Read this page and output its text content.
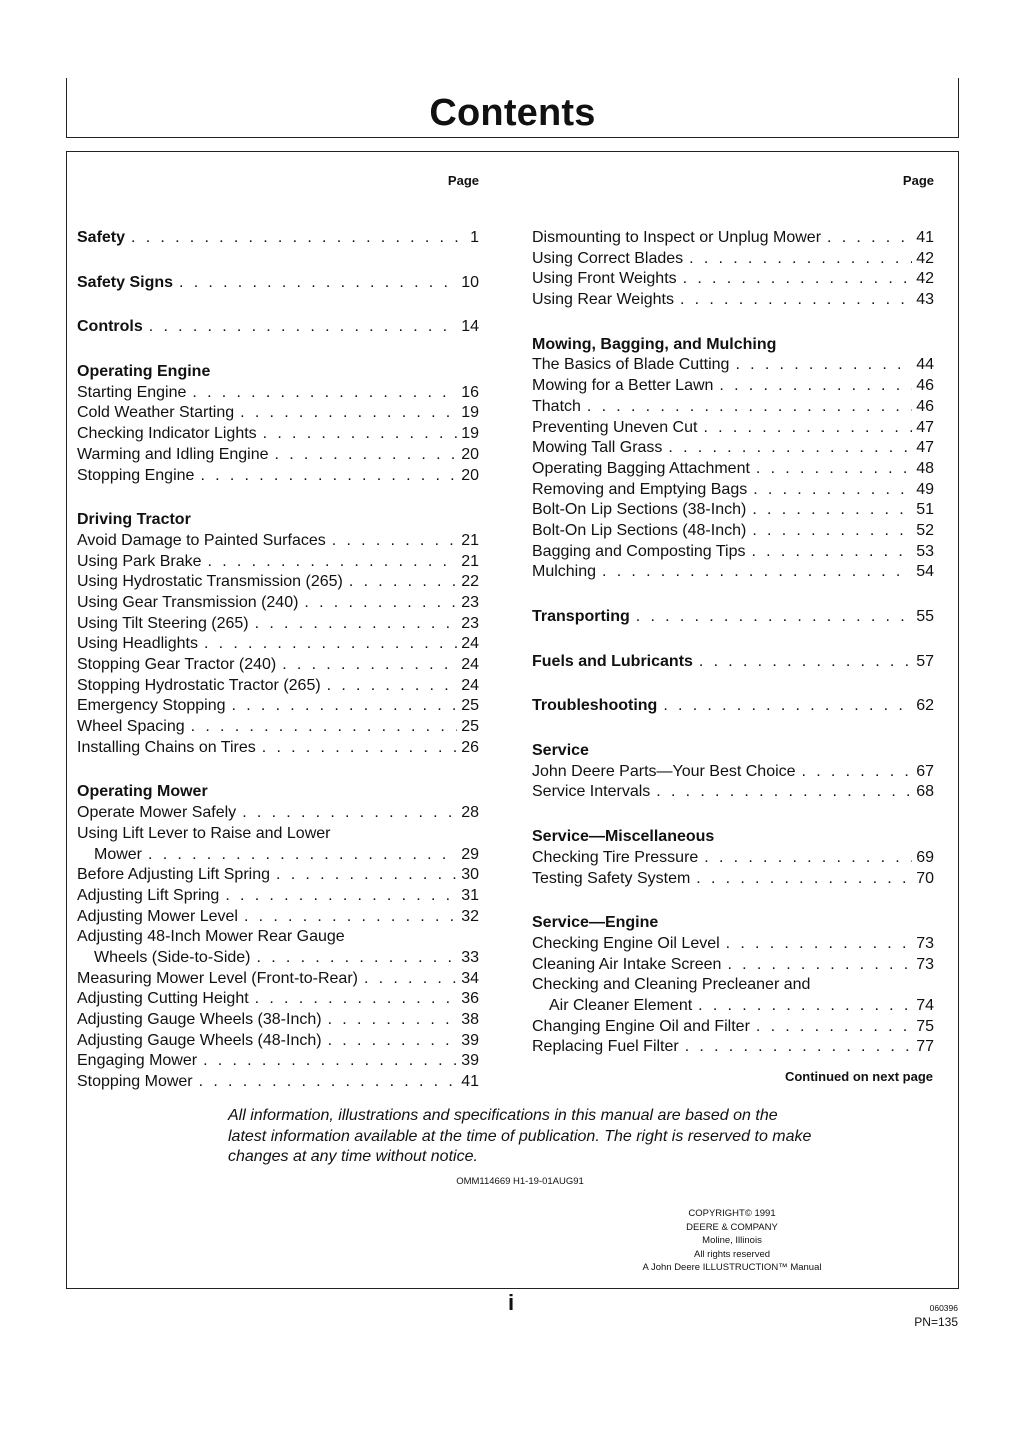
Contents
Page
Safety . . .	1
Safety Signs . . .	10
Controls . . .	14
Operating Engine
Starting Engine . . .	16
Cold Weather Starting . . .	19
Checking Indicator Lights . . .	19
Warming and Idling Engine . . .	20
Stopping Engine . . .	20
Driving Tractor
Avoid Damage to Painted Surfaces . . .	21
Using Park Brake . . .	21
Using Hydrostatic Transmission (265) . . .	22
Using Gear Transmission (240) . . .	23
Using Tilt Steering (265) . . .	23
Using Headlights . . .	24
Stopping Gear Tractor (240) . . .	24
Stopping Hydrostatic Tractor (265) . . .	24
Emergency Stopping . . .	25
Wheel Spacing . . .	25
Installing Chains on Tires . . .	26
Operating Mower
Operate Mower Safely . . .	28
Using Lift Lever to Raise and Lower
Mower . . .	29
Before Adjusting Lift Spring . . .	30
Adjusting Lift Spring . . .	31
Adjusting Mower Level . . .	32
Adjusting 48-Inch Mower Rear Gauge
Wheels (Side-to-Side) . . .	33
Measuring Mower Level (Front-to-Rear) . . .	34
Adjusting Cutting Height . . .	36
Adjusting Gauge Wheels (38-Inch) . . .	38
Adjusting Gauge Wheels (48-Inch) . . .	39
Engaging Mower . . .	39
Stopping Mower . . .	41
Page
Dismounting to Inspect or Unplug Mower . . .	41
Using Correct Blades . . .	42
Using Front Weights . . .	42
Using Rear Weights . . .	43
Mowing, Bagging, and Mulching
The Basics of Blade Cutting . . .	44
Mowing for a Better Lawn . . .	46
Thatch . . .	46
Preventing Uneven Cut . . .	47
Mowing Tall Grass . . .	47
Operating Bagging Attachment . . .	48
Removing and Emptying Bags . . .	49
Bolt-On Lip Sections (38-Inch) . . .	51
Bolt-On Lip Sections (48-Inch) . . .	52
Bagging and Composting Tips . . .	53
Mulching . . .	54
Transporting . . .	55
Fuels and Lubricants . . .	57
Troubleshooting . . .	62
Service
John Deere Parts—Your Best Choice . . .	67
Service Intervals . . .	68
Service—Miscellaneous
Checking Tire Pressure . . .	69
Testing Safety System . . .	70
Service—Engine
Checking Engine Oil Level . . .	73
Cleaning Air Intake Screen . . .	73
Checking and Cleaning Precleaner and
Air Cleaner Element . . .	74
Changing Engine Oil and Filter . . .	75
Replacing Fuel Filter . . .	77
Continued on next page
All information, illustrations and specifications in this manual are based on the latest information available at the time of publication. The right is reserved to make changes at any time without notice.
OMM114669 H1-19-01AUG91
COPYRIGHT© 1991
DEERE & COMPANY
Moline, Illinois
All rights reserved
A John Deere ILLUSTRUCTION™ Manual
i	060396
PN=135
